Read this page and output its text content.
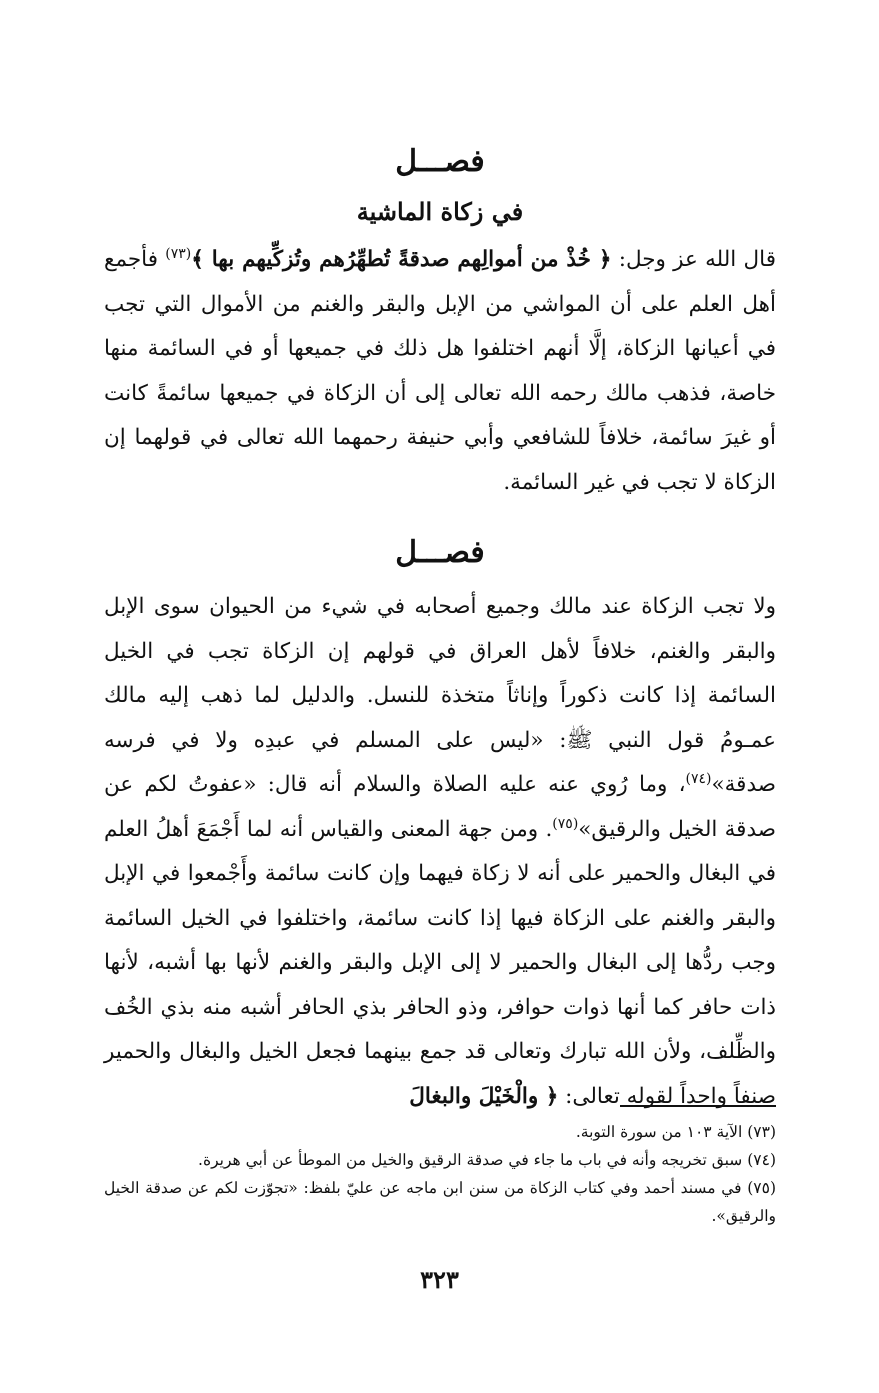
فصـــل
في زكاة الماشية

قال الله عز وجل: ﴿ خُذْ من أموالِهم صدقةً تُطهِّرُهم وتُزكِّيهم بها ﴾$^{(٧٣)}$ فأجمع أهل العلم على أن المواشي من الإبل والبقر والغنم من الأموال التي تجب في أعيانها الزكاة، إلَّا أنهم اختلفوا هل ذلك في جميعها أو في السائمة منها خاصة، فذهب مالك رحمه الله تعالى إلى أن الزكاة في جميعها سائمةً كانت أو غيرَ سائمة، خلافاً للشافعي وأبي حنيفة رحمهما الله تعالى في قولهما إن الزكاة لا تجب في غير السائمة.

فصـــل

ولا تجب الزكاة عند مالك وجميع أصحابه في شيء من الحيوان سوى الإبل والبقر والغنم، خلافاً لأهل العراق في قولهم إن الزكاة تجب في الخيل السائمة إذا كانت ذكوراً وإناثاً متخذة للنسل. والدليل لما ذهب إليه مالك عمـومُ قول النبي ﷺ: «ليس على المسلم في عبدِه ولا في فرسه صدقة»$^{(٧٤)}$، وما رُوي عنه عليه الصلاة والسلام أنه قال: «عفوتُ لكم عن صدقة الخيل والرقيق»$^{(٧٥)}$. ومن جهة المعنى والقياس أنه لما أَجْمَعَ أهلُ العلم في البغال والحمير على أنه لا زكاة فيهما وإن كانت سائمة وأَجْمعوا في الإبل والبقر والغنم على الزكاة فيها إذا كانت سائمة، واختلفوا في الخيل السائمة وجب ردُّها إلى البغال والحمير لا إلى الإبل والبقر والغنم لأنها بها أشبه، لأنها ذات حافر كما أنها ذوات حوافر، وذو الحافر بذي الحافر أشبه منه بذي الخُف والظِّلف، ولأن الله تبارك وتعالى قد جمع بينهما فجعل الخيل والبغال والحمير صنفاً واحداً لقوله تعالى: ﴿ والْخَيْلَ والبغالَ

(٧٣) الآية ١٠٣ من سورة التوبة.

(٧٤) سبق تخريجه وأنه في باب ما جاء في صدقة الرقيق والخيل من الموطأ عن أبي هريرة.

(٧٥) في مسند أحمد وفي كتاب الزكاة من سنن ابن ماجه عن عليّ بلفظ: «تجوّزت لكم عن صدقة الخيل والرقيق».

٣٢٣
